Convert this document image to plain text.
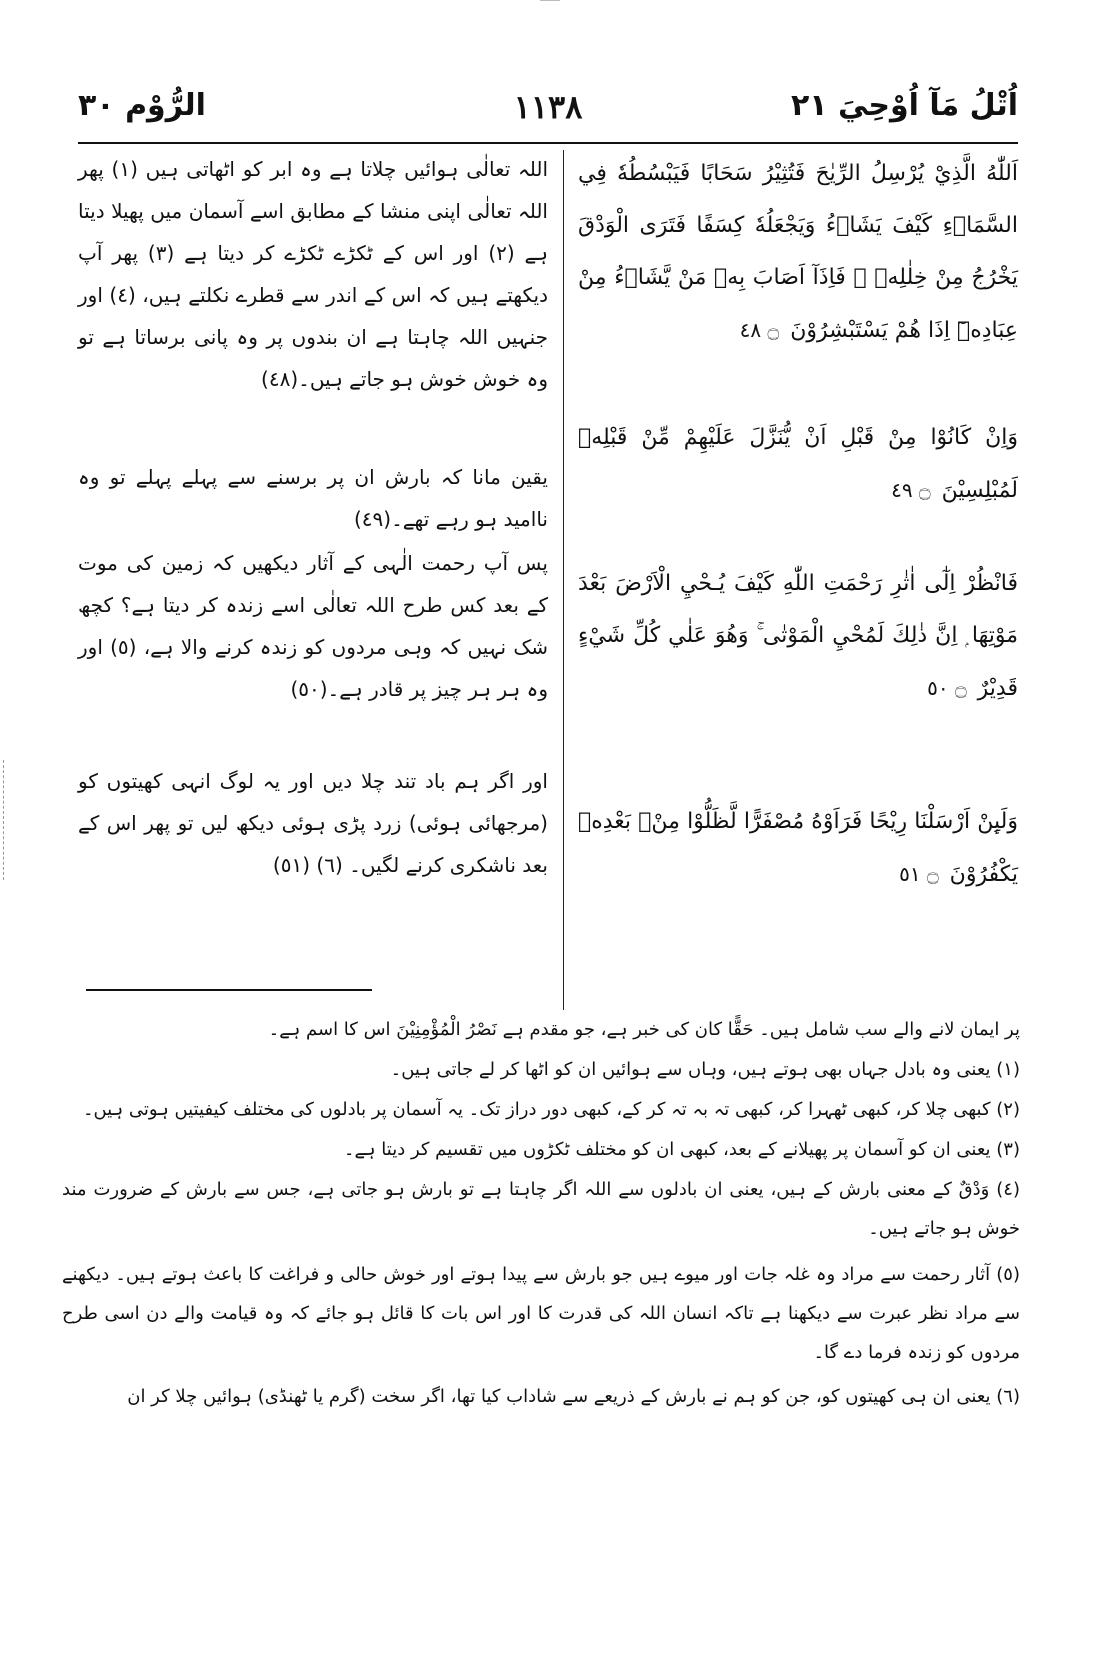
اُتْلُ مَآ اُوْحِيَ ٢١
١١٣٨
الرُّوْم ٣٠

اَللّٰهُ الَّذِيْ يُرْسِلُ الرِّيٰحَ فَتُثِيْرُ سَحَابًا فَيَبْسُطُهٗ فِي السَّمَاۗءِ كَيْفَ يَشَاۗءُ وَيَجْعَلُهٗ كِسَفًا فَتَرَى الْوَدْقَ يَخْرُجُ مِنْ خِلٰلِهٖ ۚ فَاِذَآ اَصَابَ بِهٖ مَنْ يَّشَاۗءُ مِنْ عِبَادِهٖٓ اِذَا هُمْ يَسْتَبْشِرُوْنَ ۝ ٤٨

وَاِنْ كَانُوْا مِنْ قَبْلِ اَنْ يُّنَزَّلَ عَلَيْهِمْ مِّنْ قَبْلِهٖ لَمُبْلِسِيْنَ ۝ ٤٩

فَانْظُرْ اِلٰٓى اٰثٰرِ رَحْمَتِ اللّٰهِ كَيْفَ يُـحْيِ الْاَرْضَ بَعْدَ مَوْتِهَا ۭ اِنَّ ذٰلِكَ لَمُحْيِ الْمَوْتٰى ۚ وَهُوَ عَلٰي كُلِّ شَيْءٍ قَدِيْرٌ ۝ ٥٠

وَلَىِٕنْ اَرْسَلْنَا رِيْحًا فَرَاَوْهُ مُصْفَرًّا لَّظَلُّوْا مِنْۢ بَعْدِهٖ يَكْفُرُوْنَ ۝ ٥١

اللہ تعالٰی ہوائیں چلاتا ہے وہ ابر کو اٹھاتی ہیں (١) پھر اللہ تعالٰی اپنی منشا کے مطابق اسے آسمان میں پھیلا دیتا ہے (٢) اور اس کے ٹکڑے ٹکڑے کر دیتا ہے (٣) پھر آپ دیکھتے ہیں کہ اس کے اندر سے قطرے نکلتے ہیں، (٤) اور جنہیں اللہ چاہتا ہے ان بندوں پر وہ پانی برساتا ہے تو وہ خوش خوش ہو جاتے ہیں۔(٤٨)

یقین مانا کہ بارش ان پر برسنے سے پہلے پہلے تو وہ ناامید ہو رہے تھے۔(٤٩)

پس آپ رحمت الٰہی کے آثار دیکھیں کہ زمین کی موت کے بعد کس طرح اللہ تعالٰی اسے زندہ کر دیتا ہے؟ کچھ شک نہیں کہ وہی مردوں کو زندہ کرنے والا ہے، (٥) اور وہ ہر ہر چیز پر قادر ہے۔(٥٠)

اور اگر ہم باد تند چلا دیں اور یہ لوگ انہی کھیتوں کو (مرجھائی ہوئی) زرد پڑی ہوئی دیکھ لیں تو پھر اس کے بعد ناشکری کرنے لگیں۔ (٦) (٥١)

پر ایمان لانے والے سب شامل ہیں۔ حَقًّا کان کی خبر ہے، جو مقدم ہے نَصْرُ الْمُؤْمِنِيْنَ اس کا اسم ہے۔

(١) یعنی وہ بادل جہاں بھی ہوتے ہیں، وہاں سے ہوائیں ان کو اٹھا کر لے جاتی ہیں۔

(٢) کبھی چلا کر، کبھی ٹھہرا کر، کبھی تہ بہ تہ کر کے، کبھی دور دراز تک۔ یہ آسمان پر بادلوں کی مختلف کیفیتیں ہوتی ہیں۔

(٣) یعنی ان کو آسمان پر پھیلانے کے بعد، کبھی ان کو مختلف ٹکڑوں میں تقسیم کر دیتا ہے۔

(٤) وَدْقٌ کے معنی بارش کے ہیں، یعنی ان بادلوں سے اللہ اگر چاہتا ہے تو بارش ہو جاتی ہے، جس سے بارش کے ضرورت مند خوش ہو جاتے ہیں۔

(٥) آثار رحمت سے مراد وہ غلہ جات اور میوے ہیں جو بارش سے پیدا ہوتے اور خوش حالی و فراغت کا باعث ہوتے ہیں۔ دیکھنے سے مراد نظر عبرت سے دیکھنا ہے تاکہ انسان اللہ کی قدرت کا اور اس بات کا قائل ہو جائے کہ وہ قیامت والے دن اسی طرح مردوں کو زندہ فرما دے گا۔

(٦) یعنی ان ہی کھیتوں کو، جن کو ہم نے بارش کے ذریعے سے شاداب کیا تھا، اگر سخت (گرم یا ٹھنڈی) ہوائیں چلا کر ان
